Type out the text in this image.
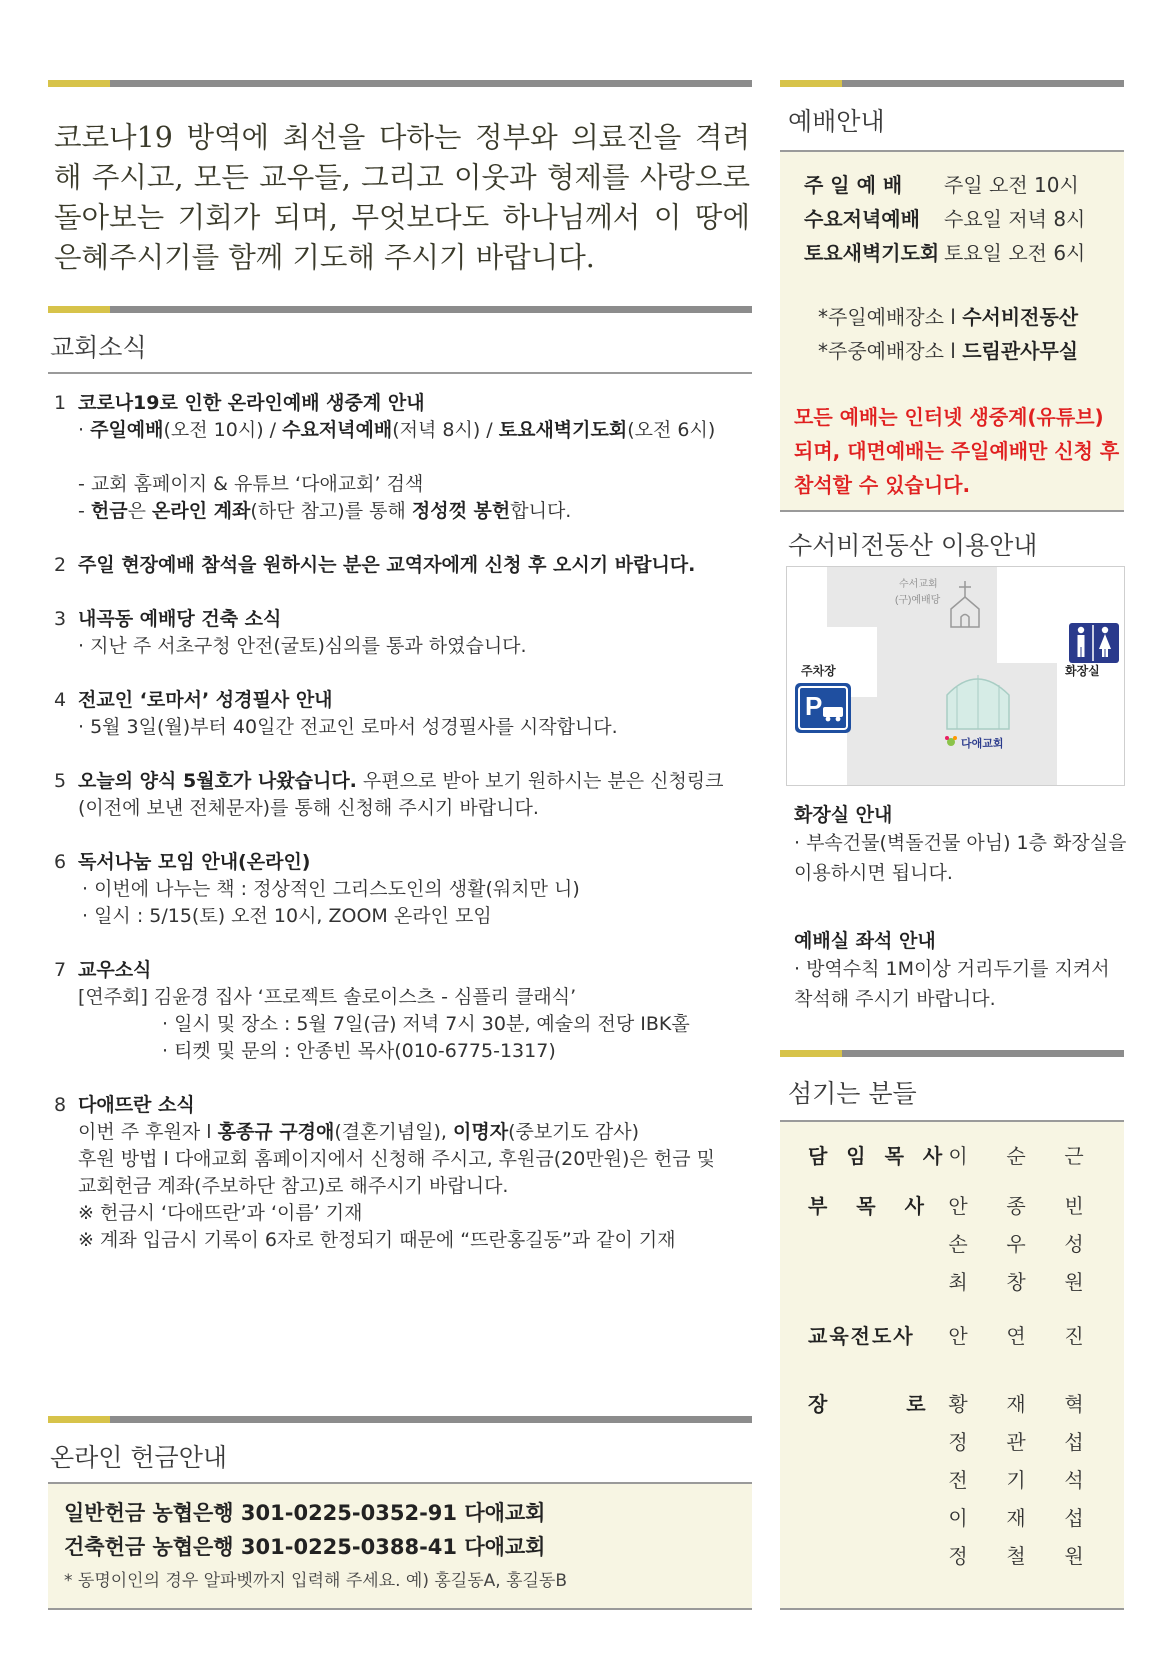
코로나19 방역에 최선을 다하는 정부와 의료진을 격려해 주시고, 모든 교우들, 그리고 이웃과 형제를 사랑으로 돌아보는 기회가 되며, 무엇보다도 하나님께서 이 땅에 은혜주시기를 함께 기도해 주시기 바랍니다.
교회소식
1 코로나19로 인한 온라인예배 생중계 안내
· 주일예배(오전 10시) / 수요저녁예배(저녁 8시) / 토요새벽기도회(오전 6시)
- 교회 홈페이지 & 유튜브 ‘다애교회’ 검색
- 헌금은 온라인 계좌(하단 참고)를 통해 정성껏 봉헌합니다.
2 주일 현장예배 참석을 원하시는 분은 교역자에게 신청 후 오시기 바랍니다.
3 내곡동 예배당 건축 소식
· 지난 주 서초구청 안전(굴토)심의를 통과 하였습니다.
4 전교인 ‘로마서’ 성경필사 안내
· 5월 3일(월)부터 40일간 전교인 로마서 성경필사를 시작합니다.
5 오늘의 양식 5월호가 나왔습니다. 우편으로 받아 보기 원하시는 분은 신청링크
(이전에 보낸 전체문자)를 통해 신청해 주시기 바랍니다.
6 독서나눔 모임 안내(온라인)
· 이번에 나누는 책 : 정상적인 그리스도인의 생활(워치만 니)
· 일시 : 5/15(토) 오전 10시, ZOOM 온라인 모임
7 교우소식
[연주회] 김윤경 집사 ‘프로젝트 솔로이스츠 - 심플리 클래식’
· 일시 및 장소 : 5월 7일(금) 저녁 7시 30분, 예술의 전당 IBK홀
· 티켓 및 문의 : 안종빈 목사(010-6775-1317)
8 다애뜨란 소식
이번 주 후원자 l 홍종규 구경애(결혼기념일), 이명자(중보기도 감사)
후원 방법 l 다애교회 홈페이지에서 신청해 주시고, 후원금(20만원)은 헌금 및
교회헌금 계좌(주보하단 참고)로 해주시기 바랍니다.
※ 헌금시 ‘다애뜨란’과 ‘이름’ 기재
※ 계좌 입금시 기록이 6자로 한정되기 때문에 “뜨란홍길동”과 같이 기재
온라인 헌금안내
일반헌금 농협은행 301-0225-0352-91 다애교회
건축헌금 농협은행 301-0225-0388-41 다애교회
* 동명이인의 경우 알파벳까지 입력해 주세요. 예) 홍길동A, 홍길동B
예배안내
주 일 예 배	주일 오전 10시
수요저녁예배	수요일 저녁 8시
토요새벽기도회 토요일 오전 6시
*주일예배장소 l 수서비전동산
*주중예배장소 l 드림관사무실
모든 예배는 인터넷 생중계(유튜브) 되며, 대면예배는 주일예배만 신청 후 참석할 수 있습니다.
수서비전동산 이용안내
수서교회
(구)예배당
화장실
주차장
P
다애교회
화장실 안내
· 부속건물(벽돌건물 아님) 1층 화장실을 이용하시면 됩니다.
예배실 좌석 안내
· 방역수칙 1M이상 거리두기를 지켜서 착석해 주시기 바랍니다.
섬기는 분들
담 임 목 사 이 순 근
부 목 사 안 종 빈
손 우 성
최 창 원
교육전도사 안 연 진
장 로 황 재 혁
정 관 섭
전 기 석
이 재 섭
정 철 원
